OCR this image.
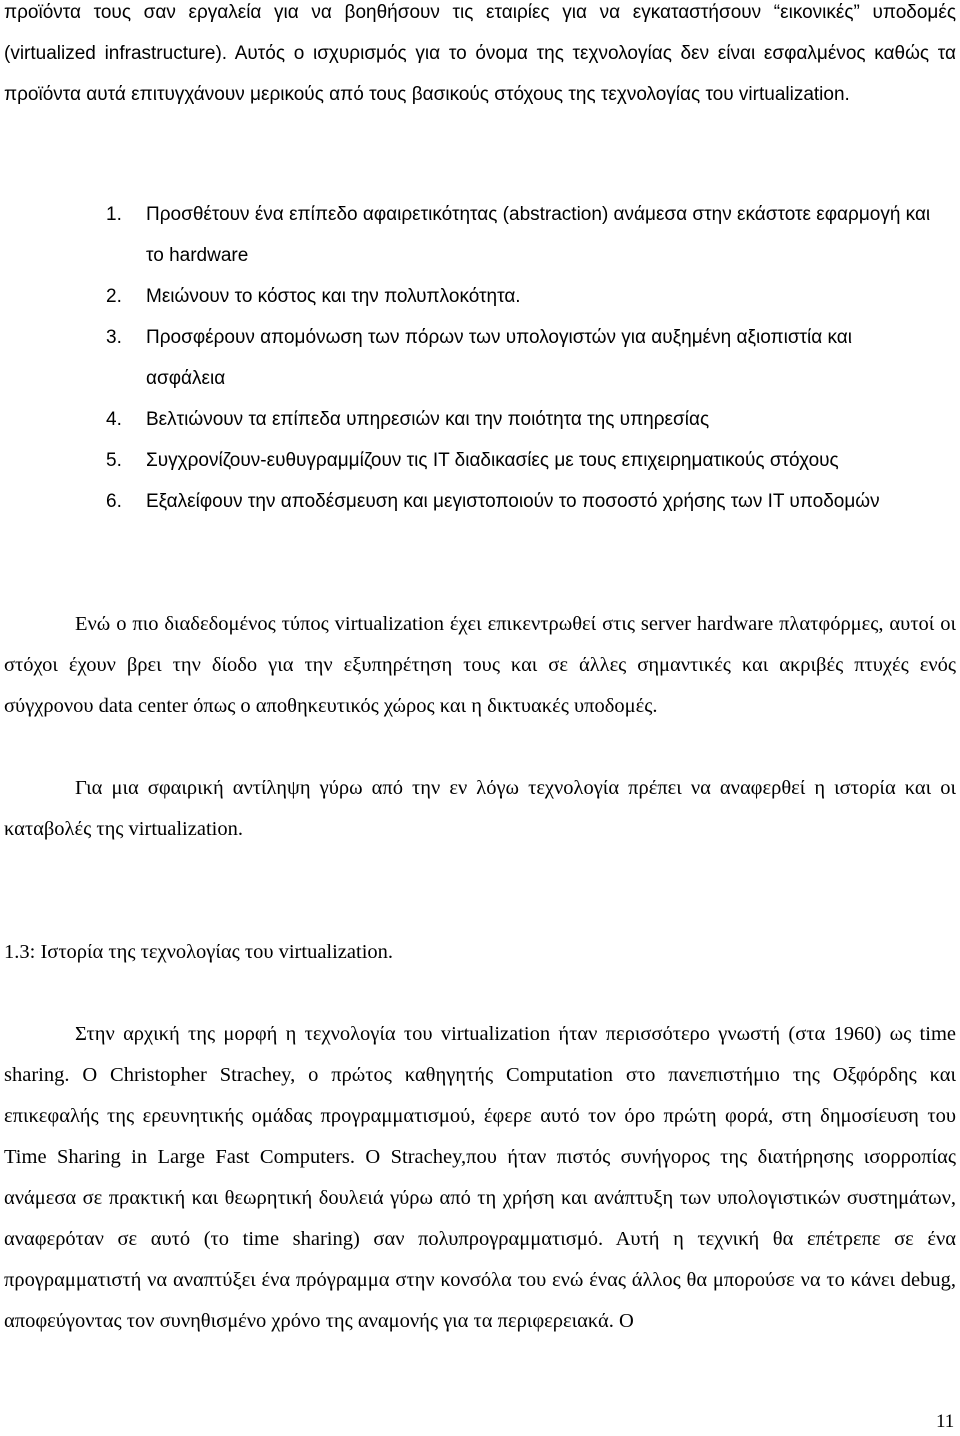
προϊόντα τους σαν εργαλεία για να βοηθήσουν τις εταιρίες για να εγκαταστήσουν “εικονικές” υποδομές (virtualized infrastructure). Αυτός ο ισχυρισμός για το όνομα της τεχνολογίας δεν είναι εσφαλμένος καθώς τα προϊόντα αυτά επιτυγχάνουν μερικούς από τους βασικούς στόχους της τεχνολογίας του virtualization.

1. Προσθέτουν ένα επίπεδο αφαιρετικότητας (abstraction) ανάμεσα στην εκάστοτε εφαρμογή και το hardware
2. Μειώνουν το κόστος και την πολυπλοκότητα.
3. Προσφέρουν απομόνωση των πόρων των υπολογιστών για αυξημένη αξιοπιστία και ασφάλεια
4. Βελτιώνουν τα επίπεδα υπηρεσιών και την ποιότητα της υπηρεσίας
5. Συγχρονίζουν-ευθυγραμμίζουν τις IT διαδικασίες με τους επιχειρηματικούς στόχους
6. Εξαλείφουν την αποδέσμευση και μεγιστοποιούν το ποσοστό χρήσης των IT υποδομών

Ενώ ο πιο διαδεδομένος τύπος virtualization έχει επικεντρωθεί στις server hardware πλατφόρμες, αυτοί οι στόχοι έχουν βρει την δίοδο για την εξυπηρέτηση τους και σε άλλες σημαντικές και ακριβές πτυχές ενός σύγχρονου data center όπως ο αποθηκευτικός χώρος και η δικτυακές υποδομές.

Για μια σφαιρική αντίληψη γύρω από την εν λόγω τεχνολογία πρέπει να αναφερθεί η ιστορία και οι καταβολές της virtualization.

1.3: Ιστορία της τεχνολογίας του virtualization.

Στην αρχική της μορφή η τεχνολογία του virtualization ήταν περισσότερο γνωστή (στα 1960) ως time sharing. O Christopher Strachey, ο πρώτος καθηγητής Computation στο πανεπιστήμιο της Οξφόρδης και επικεφαλής της ερευνητικής ομάδας προγραμματισμού, έφερε αυτό τον όρο πρώτη φορά, στη δημοσίευση του Time Sharing in Large Fast Computers. O Strachey,που ήταν πιστός συνήγορος της διατήρησης ισορροπίας ανάμεσα σε πρακτική και θεωρητική δουλειά γύρω από τη χρήση και ανάπτυξη των υπολογιστικών συστημάτων, αναφερόταν σε αυτό (το time sharing) σαν πολυπρογραμματισμό. Αυτή η τεχνική θα επέτρεπε σε ένα προγραμματιστή να αναπτύξει ένα πρόγραμμα στην κονσόλα του ενώ ένας άλλος θα μπορούσε να το κάνει debug, αποφεύγοντας τον συνηθισμένο χρόνο της αναμονής για τα περιφερειακά. O

11
